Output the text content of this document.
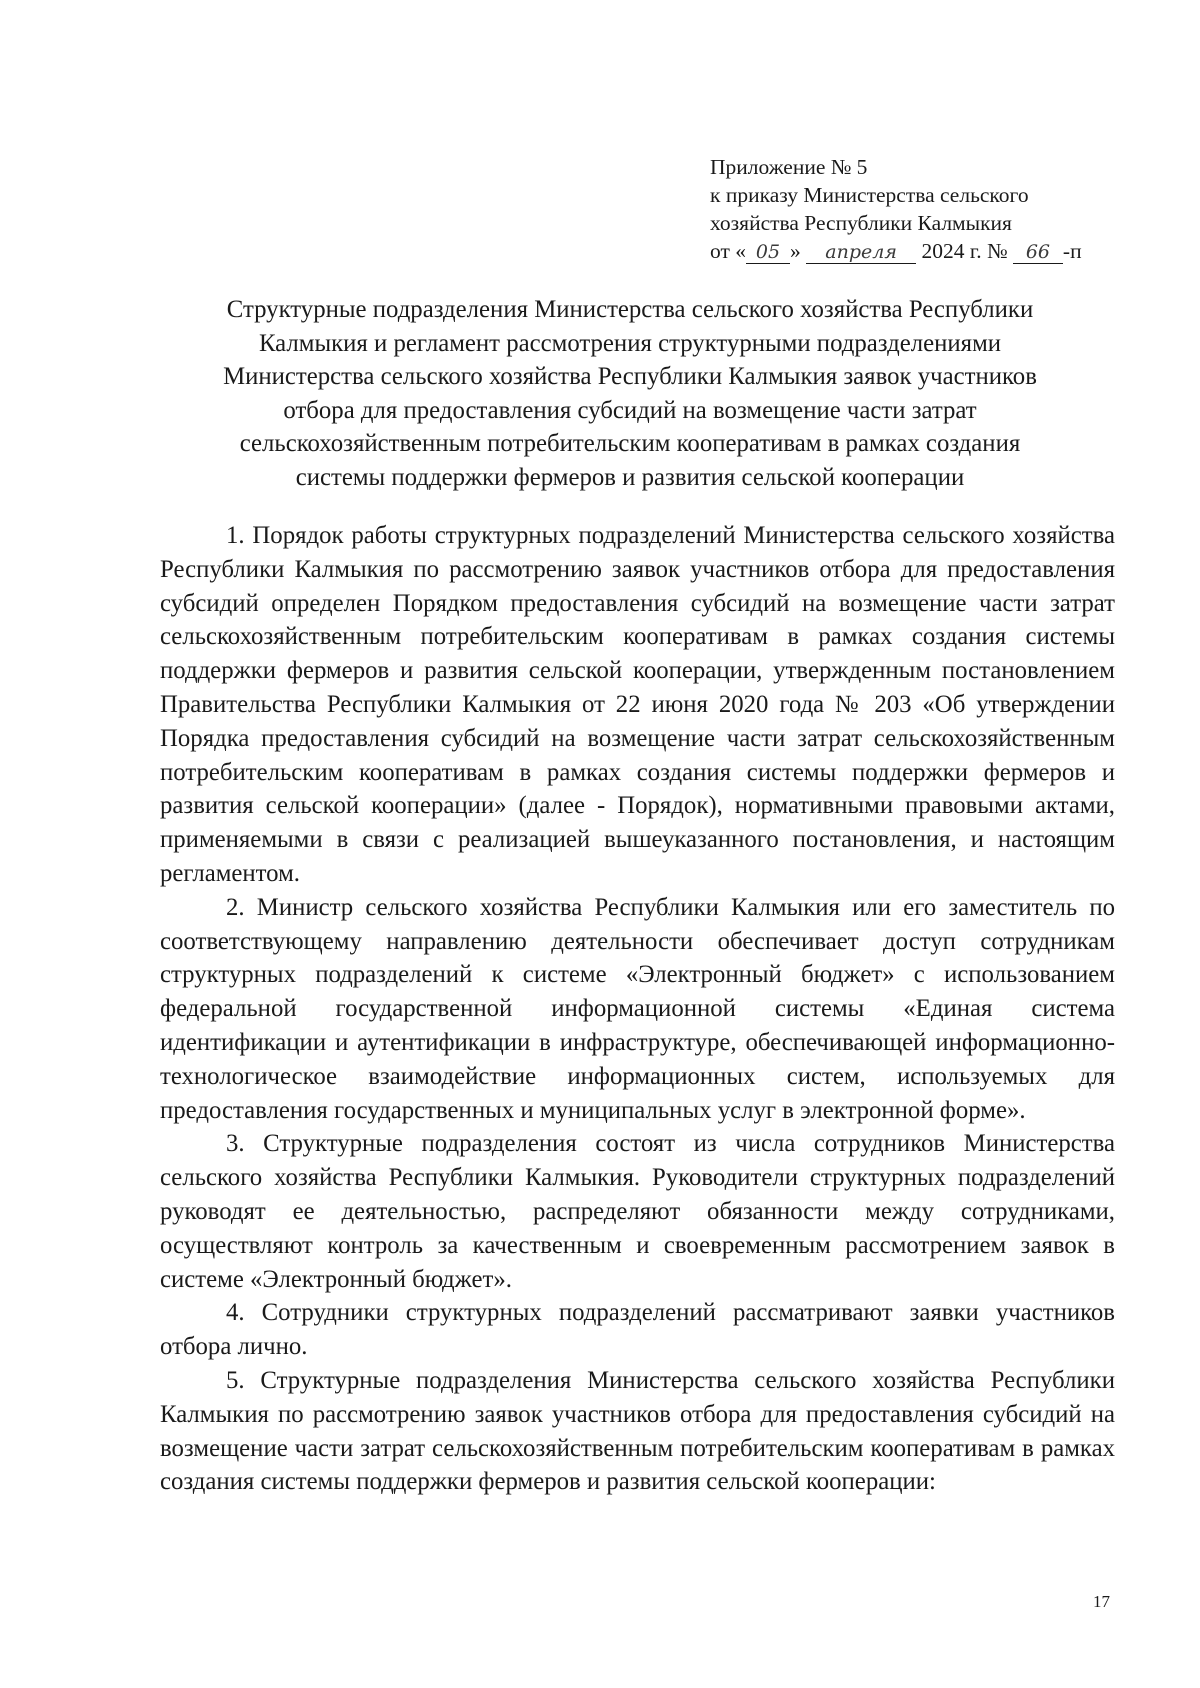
Приложение № 5
к приказу Министерства сельского
хозяйства Республики Калмыкия
от « 05 » апреля 2024 г. № 66 -п
Структурные подразделения Министерства сельского хозяйства Республики
Калмыкия и регламент рассмотрения структурными подразделениями
Министерства сельского хозяйства Республики Калмыкия заявок участников
отбора для предоставления субсидий на возмещение части затрат
сельскохозяйственным потребительским кооперативам в рамках создания
системы поддержки фермеров и развития сельской кооперации

1. Порядок работы структурных подразделений Министерства сельского хозяйства Республики Калмыкия по рассмотрению заявок участников отбора для предоставления субсидий определен Порядком предоставления субсидий на возмещение части затрат сельскохозяйственным потребительским кооперативам в рамках создания системы поддержки фермеров и развития сельской кооперации, утвержденным постановлением Правительства Республики Калмыкия от 22 июня 2020 года № 203 «Об утверждении Порядка предоставления субсидий на возмещение части затрат сельскохозяйственным потребительским кооперативам в рамках создания системы поддержки фермеров и развития сельской кооперации» (далее - Порядок), нормативными правовыми актами, применяемыми в связи с реализацией вышеуказанного постановления, и настоящим регламентом.

2. Министр сельского хозяйства Республики Калмыкия или его заместитель по соответствующему направлению деятельности обеспечивает доступ сотрудникам структурных подразделений к системе «Электронный бюджет» с использованием федеральной государственной информационной системы «Единая система идентификации и аутентификации в инфраструктуре, обеспечивающей информационно-технологическое взаимодействие информационных систем, используемых для предоставления государственных и муниципальных услуг в электронной форме».

3. Структурные подразделения состоят из числа сотрудников Министерства сельского хозяйства Республики Калмыкия. Руководители структурных подразделений руководят ее деятельностью, распределяют обязанности между сотрудниками, осуществляют контроль за качественным и своевременным рассмотрением заявок в системе «Электронный бюджет».

4. Сотрудники структурных подразделений рассматривают заявки участников отбора лично.

5. Структурные подразделения Министерства сельского хозяйства Республики Калмыкия по рассмотрению заявок участников отбора для предоставления субсидий на возмещение части затрат сельскохозяйственным потребительским кооперативам в рамках создания системы поддержки фермеров и развития сельской кооперации:

17
